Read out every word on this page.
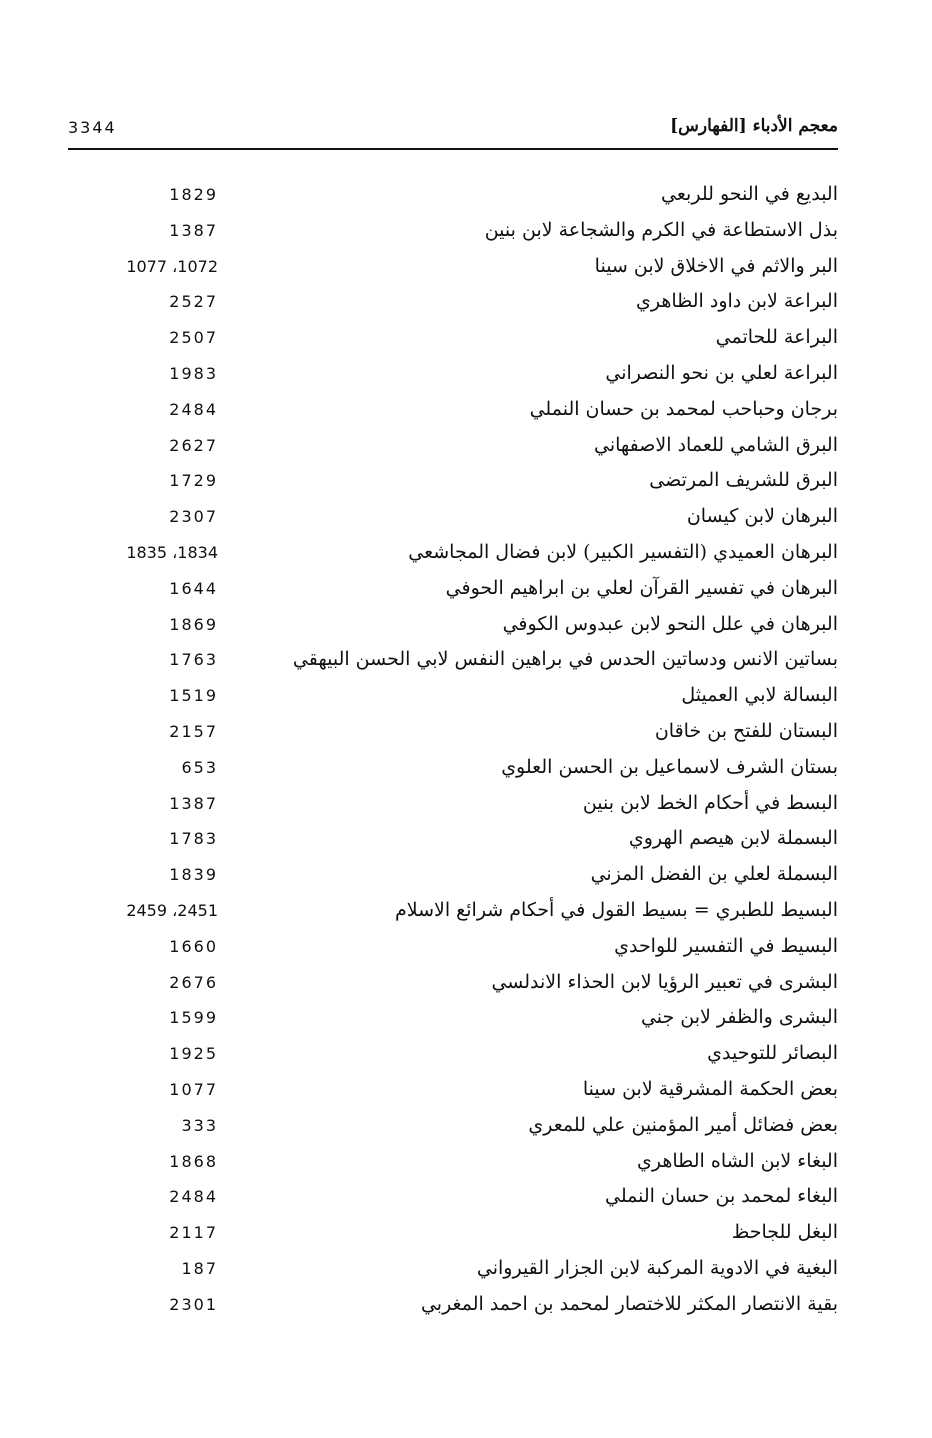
معجم الأدباء [الفهارس]
3344
البديع في النحو للربعي
1829
بذل الاستطاعة في الكرم والشجاعة لابن بنين
1387
البر والاثم في الاخلاق لابن سينا
1072، 1077
البراعة لابن داود الظاهري
2527
البراعة للحاتمي
2507
البراعة لعلي بن نحو النصراني
1983
برجان وحباحب لمحمد بن حسان النملي
2484
البرق الشامي للعماد الاصفهاني
2627
البرق للشريف المرتضى
1729
البرهان لابن كيسان
2307
البرهان العميدي (التفسير الكبير) لابن فضال المجاشعي
1834، 1835
البرهان في تفسير القرآن لعلي بن ابراهيم الحوفي
1644
البرهان في علل النحو لابن عبدوس الكوفي
1869
بساتين الانس ودساتين الحدس في براهين النفس لابي الحسن البيهقي
1763
البسالة لابي العميثل
1519
البستان للفتح بن خاقان
2157
بستان الشرف لاسماعيل بن الحسن العلوي
653
البسط في أحكام الخط لابن بنين
1387
البسملة لابن هيصم الهروي
1783
البسملة لعلي بن الفضل المزني
1839
البسيط للطبري = بسيط القول في أحكام شرائع الاسلام
2451، 2459
البسيط في التفسير للواحدي
1660
البشرى في تعبير الرؤيا لابن الحذاء الاندلسي
2676
البشرى والظفر لابن جني
1599
البصائر للتوحيدي
1925
بعض الحكمة المشرقية لابن سينا
1077
بعض فضائل أمير المؤمنين علي للمعري
333
البغاء لابن الشاه الطاهري
1868
البغاء لمحمد بن حسان النملي
2484
البغل للجاحظ
2117
البغية في الادوية المركبة لابن الجزار القيرواني
187
بقية الانتصار المكثر للاختصار لمحمد بن احمد المغربي
2301
